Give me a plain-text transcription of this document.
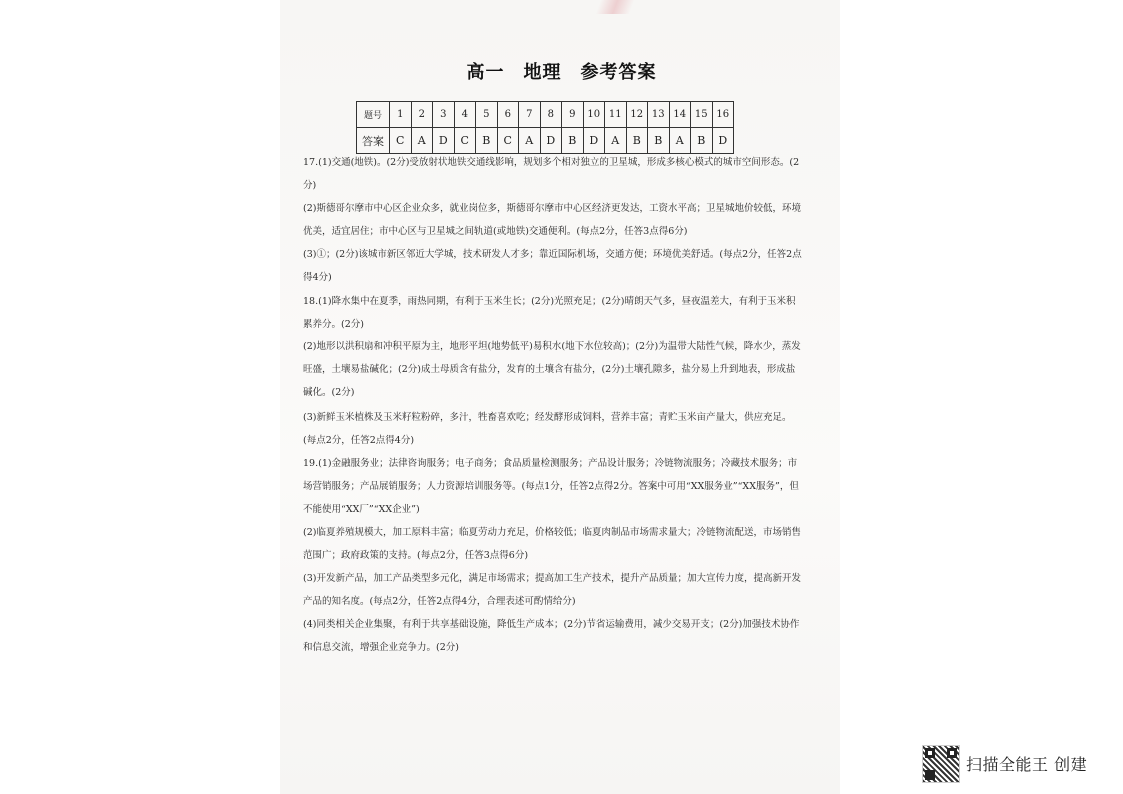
高一　地理　参考答案
题号	1	2	3	4	5	6	7	8	9	10	11	12	13	14	15	16
答案	C	A	D	C	B	C	A	D	B	D	A	B	B	A	B	D
17.(1)交通(地铁)。(2分)受放射状地铁交通线影响，规划多个相对独立的卫星城，形成多核心模式的城市空间形态。(2分)
(2)斯德哥尔摩市中心区企业众多，就业岗位多，斯德哥尔摩市中心区经济更发达，工资水平高；卫星城地价较低，环境优美，适宜居住；市中心区与卫星城之间轨道(或地铁)交通便利。(每点2分，任答3点得6分)
(3)①；(2分)该城市新区邻近大学城，技术研发人才多；靠近国际机场，交通方便；环境优美舒适。(每点2分，任答2点得4分)
18.(1)降水集中在夏季，雨热同期，有利于玉米生长；(2分)光照充足；(2分)晴朗天气多，昼夜温差大，有利于玉米积累养分。(2分)
(2)地形以洪积扇和冲积平原为主，地形平坦(地势低平)易积水(地下水位较高)；(2分)为温带大陆性气候，降水少，蒸发旺盛，土壤易盐碱化；(2分)成土母质含有盐分，发育的土壤含有盐分，(2分)土壤孔隙多，盐分易上升到地表，形成盐碱化。(2分)
(3)新鲜玉米植株及玉米籽粒粉碎，多汁，牲畜喜欢吃；经发酵形成饲料，营养丰富；青贮玉米亩产量大，供应充足。(每点2分，任答2点得4分)
19.(1)金融服务业；法律咨询服务；电子商务；食品质量检测服务；产品设计服务；冷链物流服务；冷藏技术服务；市场营销服务；产品展销服务；人力资源培训服务等。(每点1分，任答2点得2分。答案中可用“XX服务业”“XX服务”，但不能使用“XX厂”“XX企业”)
(2)临夏养殖规模大，加工原料丰富；临夏劳动力充足，价格较低；临夏肉制品市场需求量大；冷链物流配送，市场销售范围广；政府政策的支持。(每点2分，任答3点得6分)
(3)开发新产品，加工产品类型多元化，满足市场需求；提高加工生产技术，提升产品质量；加大宣传力度，提高新开发产品的知名度。(每点2分，任答2点得4分，合理表述可酌情给分)
(4)同类相关企业集聚，有利于共享基础设施，降低生产成本；(2分)节省运输费用，减少交易开支；(2分)加强技术协作和信息交流，增强企业竞争力。(2分)
扫描全能王 创建
